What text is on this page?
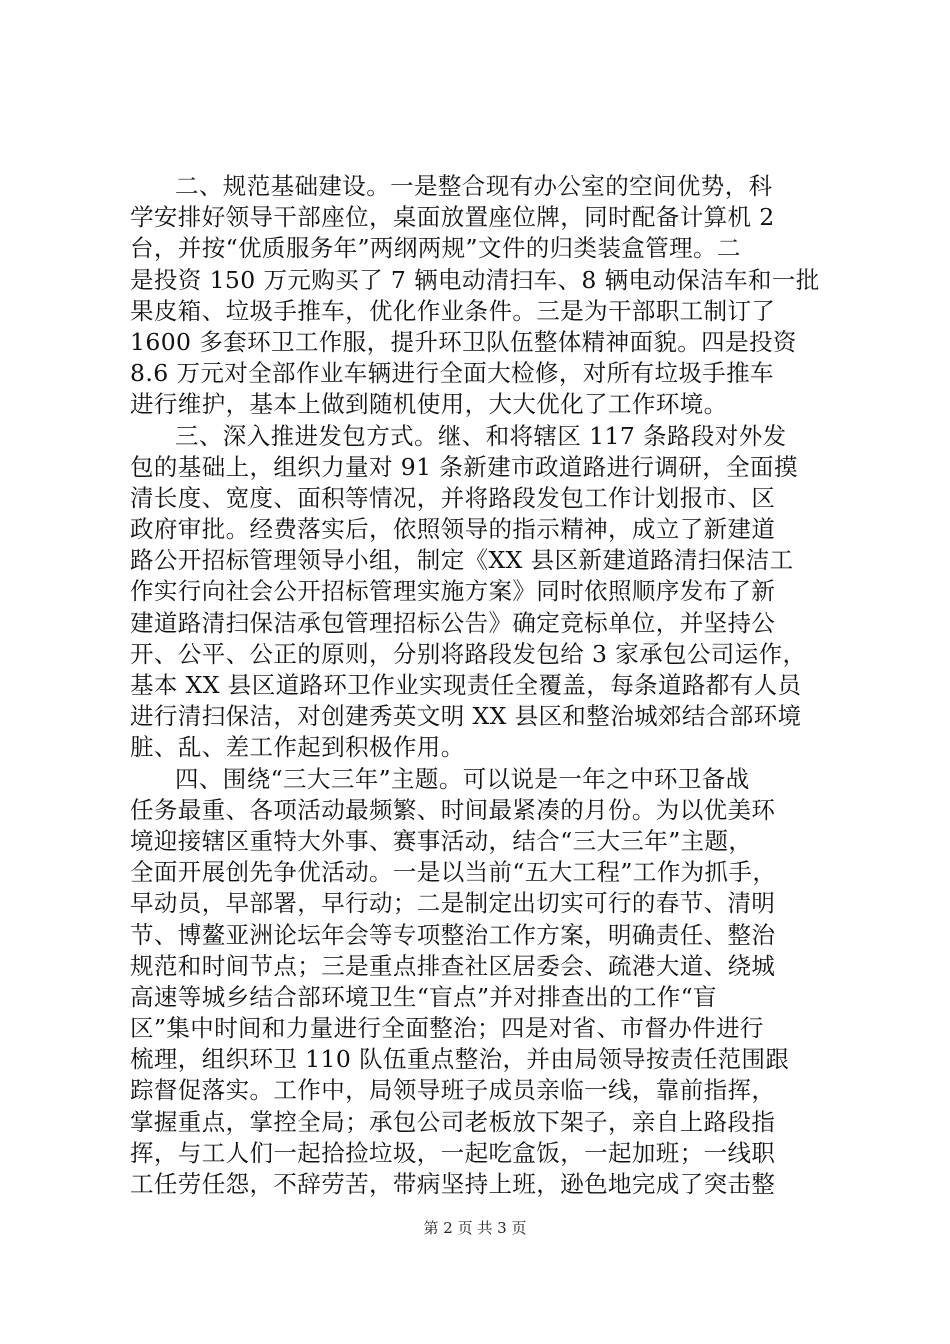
二、规范基础建设。一是整合现有办公室的空间优势，科
学安排好领导干部座位，桌面放置座位牌，同时配备计算机 2
台，并按“优质服务年”两纲两规”文件的归类装盒管理。二
是投资 150 万元购买了 7 辆电动清扫车、8 辆电动保洁车和一批
果皮箱、垃圾手推车，优化作业条件。三是为干部职工制订了
1600 多套环卫工作服，提升环卫队伍整体精神面貌。四是投资
8.6 万元对全部作业车辆进行全面大检修，对所有垃圾手推车
进行维护，基本上做到随机使用，大大优化了工作环境。
三、深入推进发包方式。继、和将辖区 117 条路段对外发
包的基础上，组织力量对 91 条新建市政道路进行调研，全面摸
清长度、宽度、面积等情况，并将路段发包工作计划报市、区
政府审批。经费落实后，依照领导的指示精神，成立了新建道
路公开招标管理领导小组，制定《XX 县区新建道路清扫保洁工
作实行向社会公开招标管理实施方案》同时依照顺序发布了新
建道路清扫保洁承包管理招标公告》确定竞标单位，并坚持公
开、公平、公正的原则，分别将路段发包给 3 家承包公司运作，
基本 XX 县区道路环卫作业实现责任全覆盖，每条道路都有人员
进行清扫保洁，对创建秀英文明 XX 县区和整治城郊结合部环境
脏、乱、差工作起到积极作用。
四、围绕“三大三年”主题。可以说是一年之中环卫备战
任务最重、各项活动最频繁、时间最紧凑的月份。为以优美环
境迎接辖区重特大外事、赛事活动，结合“三大三年”主题，
全面开展创先争优活动。一是以当前“五大工程”工作为抓手，
早动员，早部署，早行动；二是制定出切实可行的春节、清明
节、博鳌亚洲论坛年会等专项整治工作方案，明确责任、整治
规范和时间节点；三是重点排查社区居委会、疏港大道、绕城
高速等城乡结合部环境卫生“盲点”并对排查出的工作“盲
区”集中时间和力量进行全面整治；四是对省、市督办件进行
梳理，组织环卫 110 队伍重点整治，并由局领导按责任范围跟
踪督促落实。工作中，局领导班子成员亲临一线，靠前指挥，
掌握重点，掌控全局；承包公司老板放下架子，亲自上路段指
挥，与工人们一起拾捡垃圾，一起吃盒饭，一起加班；一线职
工任劳任怨，不辞劳苦，带病坚持上班，逊色地完成了突击整
第 2 页 共 3 页
